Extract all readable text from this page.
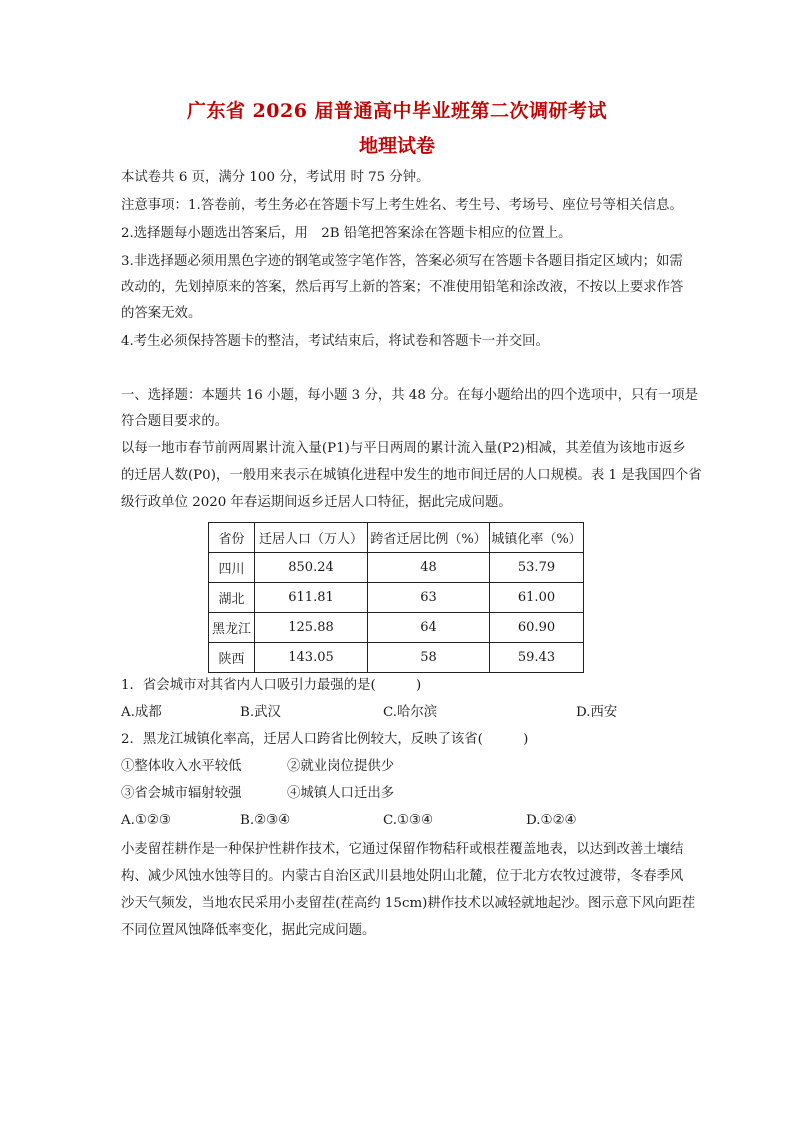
广东省 2026 届普通高中毕业班第二次调研考试
地理试卷
本试卷共 6 页，满分 100 分，考试用 时 75 分钟。
注意事项：1.答卷前，考生务必在答题卡写上考生姓名、考生号、考场号、座位号等相关信息。
2.选择题每小题选出答案后，用　2B 铅笔把答案涂在答题卡相应的位置上。
3.非选择题必须用黑色字迹的钢笔或签字笔作答，答案必须写在答题卡各题目指定区域内；如需
改动的，先划掉原来的答案，然后再写上新的答案；不准使用铅笔和涂改液，不按以上要求作答
的答案无效。
4.考生必须保持答题卡的整洁，考试结束后，将试卷和答题卡一并交回。
一、选择题：本题共 16 小题，每小题 3 分，共 48 分。在每小题给出的四个选项中，只有一项是
符合题目要求的。
以每一地市春节前两周累计流入量(P1)与平日两周的累计流入量(P2)相减，其差值为该地市返乡
的迁居人数(P0)，一般用来表示在城镇化进程中发生的地市间迁居的人口规模。表 1 是我国四个省
级行政单位 2020 年春运期间返乡迁居人口特征，据此完成问题。
省份	迁居人口（万人）	跨省迁居比例（%）	城镇化率（%）
四川	850.24	48	53.79
湖北	611.81	63	61.00
黑龙江	125.88	64	60.90
陕西	143.05	58	59.43
1．省会城市对其省内人口吸引力最强的是(　　　)
A.成都	B.武汉	C.哈尔滨	D.西安
2．黑龙江城镇化率高，迁居人口跨省比例较大，反映了该省(　　　)
①整体收入水平较低	②就业岗位提供少
③省会城市辐射较强	④城镇人口迁出多
A.①②③	B.②③④	C.①③④	D.①②④
小麦留茬耕作是一种保护性耕作技术，它通过保留作物秸秆或根茬覆盖地表，以达到改善土壤结
构、减少风蚀水蚀等目的。内蒙古自治区武川县地处阴山北麓，位于北方农牧过渡带，冬春季风
沙天气频发，当地农民采用小麦留茬(茬高约 15cm)耕作技术以减轻就地起沙。图示意下风向距茬
不同位置风蚀降低率变化，据此完成问题。
